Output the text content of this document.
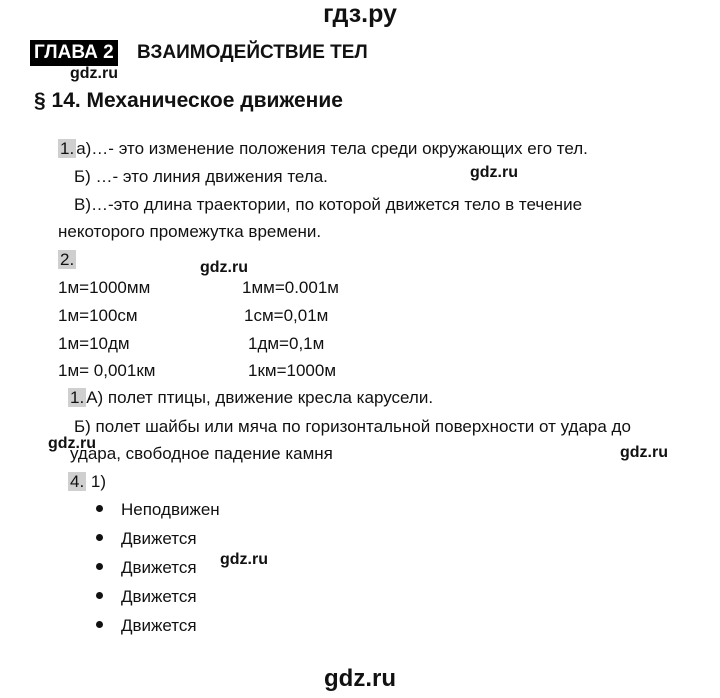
гдз.ру
ГЛАВА 2 ВЗАИМОДЕЙСТВИЕ ТЕЛ
gdz.ru
§ 14. Механическое движение
1. а)…- это изменение положения тела среди окружающих его тел.
Б) …- это линия движения тела.	gdz.ru
В)…-это длина траектории, по которой движется тело в течение
некоторого промежутка времени.
2.	gdz.ru
1м=1000мм	1мм=0.001м
1м=100см	1см=0,01м
1м=10дм	1дм=0,1м
1м= 0,001км	1км=1000м
1. А) полет птицы, движение кресла карусели.
Б) полет шайбы или мяча по горизонтальной поверхности от удара до
gdz.ru
удара, свободное падение камня	gdz.ru
4. 1)
Неподвижен
Движется
Движется gdz.ru
Движется
Движется
gdz.ru
